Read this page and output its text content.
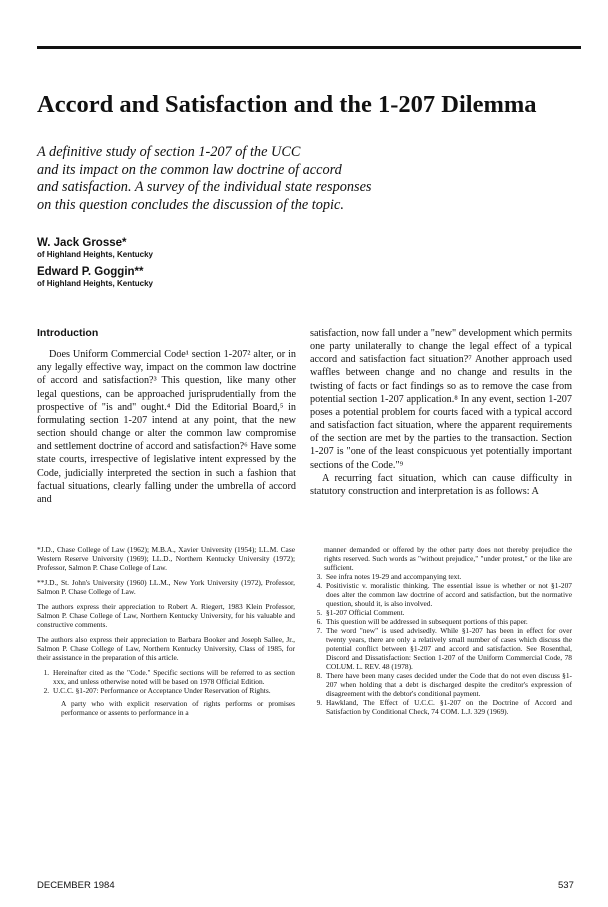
Accord and Satisfaction and the 1-207 Dilemma
A definitive study of section 1-207 of the UCC
and its impact on the common law doctrine of accord
and satisfaction. A survey of the individual state responses
on this question concludes the discussion of the topic.
W. Jack Grosse*
of Highland Heights, Kentucky
Edward P. Goggin**
of Highland Heights, Kentucky
Introduction

Does Uniform Commercial Code¹ section 1-207² alter, or in any legally effective way, impact on the common law doctrine of accord and satisfaction?³ This question, like many other legal questions, can be approached jurisprudentially from the prospective of "is and" ought.⁴ Did the Editorial Board,⁵ in formulating section 1-207 intend at any point, that the new section should change or alter the common law compromise and settlement doctrine of accord and satisfaction?⁶ Have some state courts, irrespective of legislative intent expressed by the Code, judicially interpreted the section in such a fashion that factual situations, clearly falling under the umbrella of accord and

satisfaction, now fall under a "new" development which permits one party unilaterally to change the legal effect of a typical accord and satisfaction fact situation?⁷ Another approach used waffles between change and no change and results in the twisting of facts or fact findings so as to remove the case from potential section 1-207 application.⁸ In any event, section 1-207 poses a potential problem for courts faced with a typical accord and satisfaction fact situation, where the apparent requirements of the section are met by the parties to the transaction. Section 1-207 is "one of the least conspicuous yet potentially important sections of the Code."⁹

A recurring fact situation, which can cause difficulty in statutory construction and interpretation is as follows: A

*J.D., Chase College of Law (1962); M.B.A., Xavier University (1954); LL.M. Case Western Reserve University (1969); LL.D., Northern Kentucky University (1972); Professor, Salmon P. Chase College of Law.

**J.D., St. John's University (1960) LL.M., New York University (1972), Professor, Salmon P. Chase College of Law.

The authors express their appreciation to Robert A. Riegert, 1983 Klein Professor, Salmon P. Chase College of Law, Northern Kentucky University, for his valuable and constructive comments.

The authors also express their appreciation to Barbara Booker and Joseph Sallee, Jr., Salmon P. Chase College of Law, Northern Kentucky University, Class of 1985, for their assistance in the preparation of this article.

1. Hereinafter cited as the "Code." Specific sections will be referred to as section xxx, and unless otherwise noted will be based on 1978 Official Edition.
2. U.C.C. §1-207: Performance or Acceptance Under Reservation of Rights.

A party who with explicit reservation of rights performs or promises performance or assents to performance in a

manner demanded or offered by the other party does not thereby prejudice the rights reserved. Such words as "without prejudice," "under protest," or the like are sufficient.

3. See infra notes 19-29 and accompanying text.
4. Positivistic v. moralistic thinking. The essential issue is whether or not §1-207 does alter the common law doctrine of accord and satisfaction, but the normative question, should it, is also involved.
5. §1-207 Official Comment.
6. This question will be addressed in subsequent portions of this paper.
7. The word "new" is used advisedly. While §1-207 has been in effect for over twenty years, there are only a relatively small number of cases which discuss the potential conflict between §1-207 and accord and satisfaction. See Rosenthal, Discord and Dissatisfaction: Section 1-207 of the Uniform Commercial Code, 78 COLUM. L. REV. 48 (1978).
8. There have been many cases decided under the Code that do not even discuss §1-207 when holding that a debt is discharged despite the creditor's expression of disagreement with the debtor's conditional payment.
9. Hawkland, The Effect of U.C.C. §1-207 on the Doctrine of Accord and Satisfaction by Conditional Check, 74 COM. L.J. 329 (1969).
DECEMBER 1984	537
